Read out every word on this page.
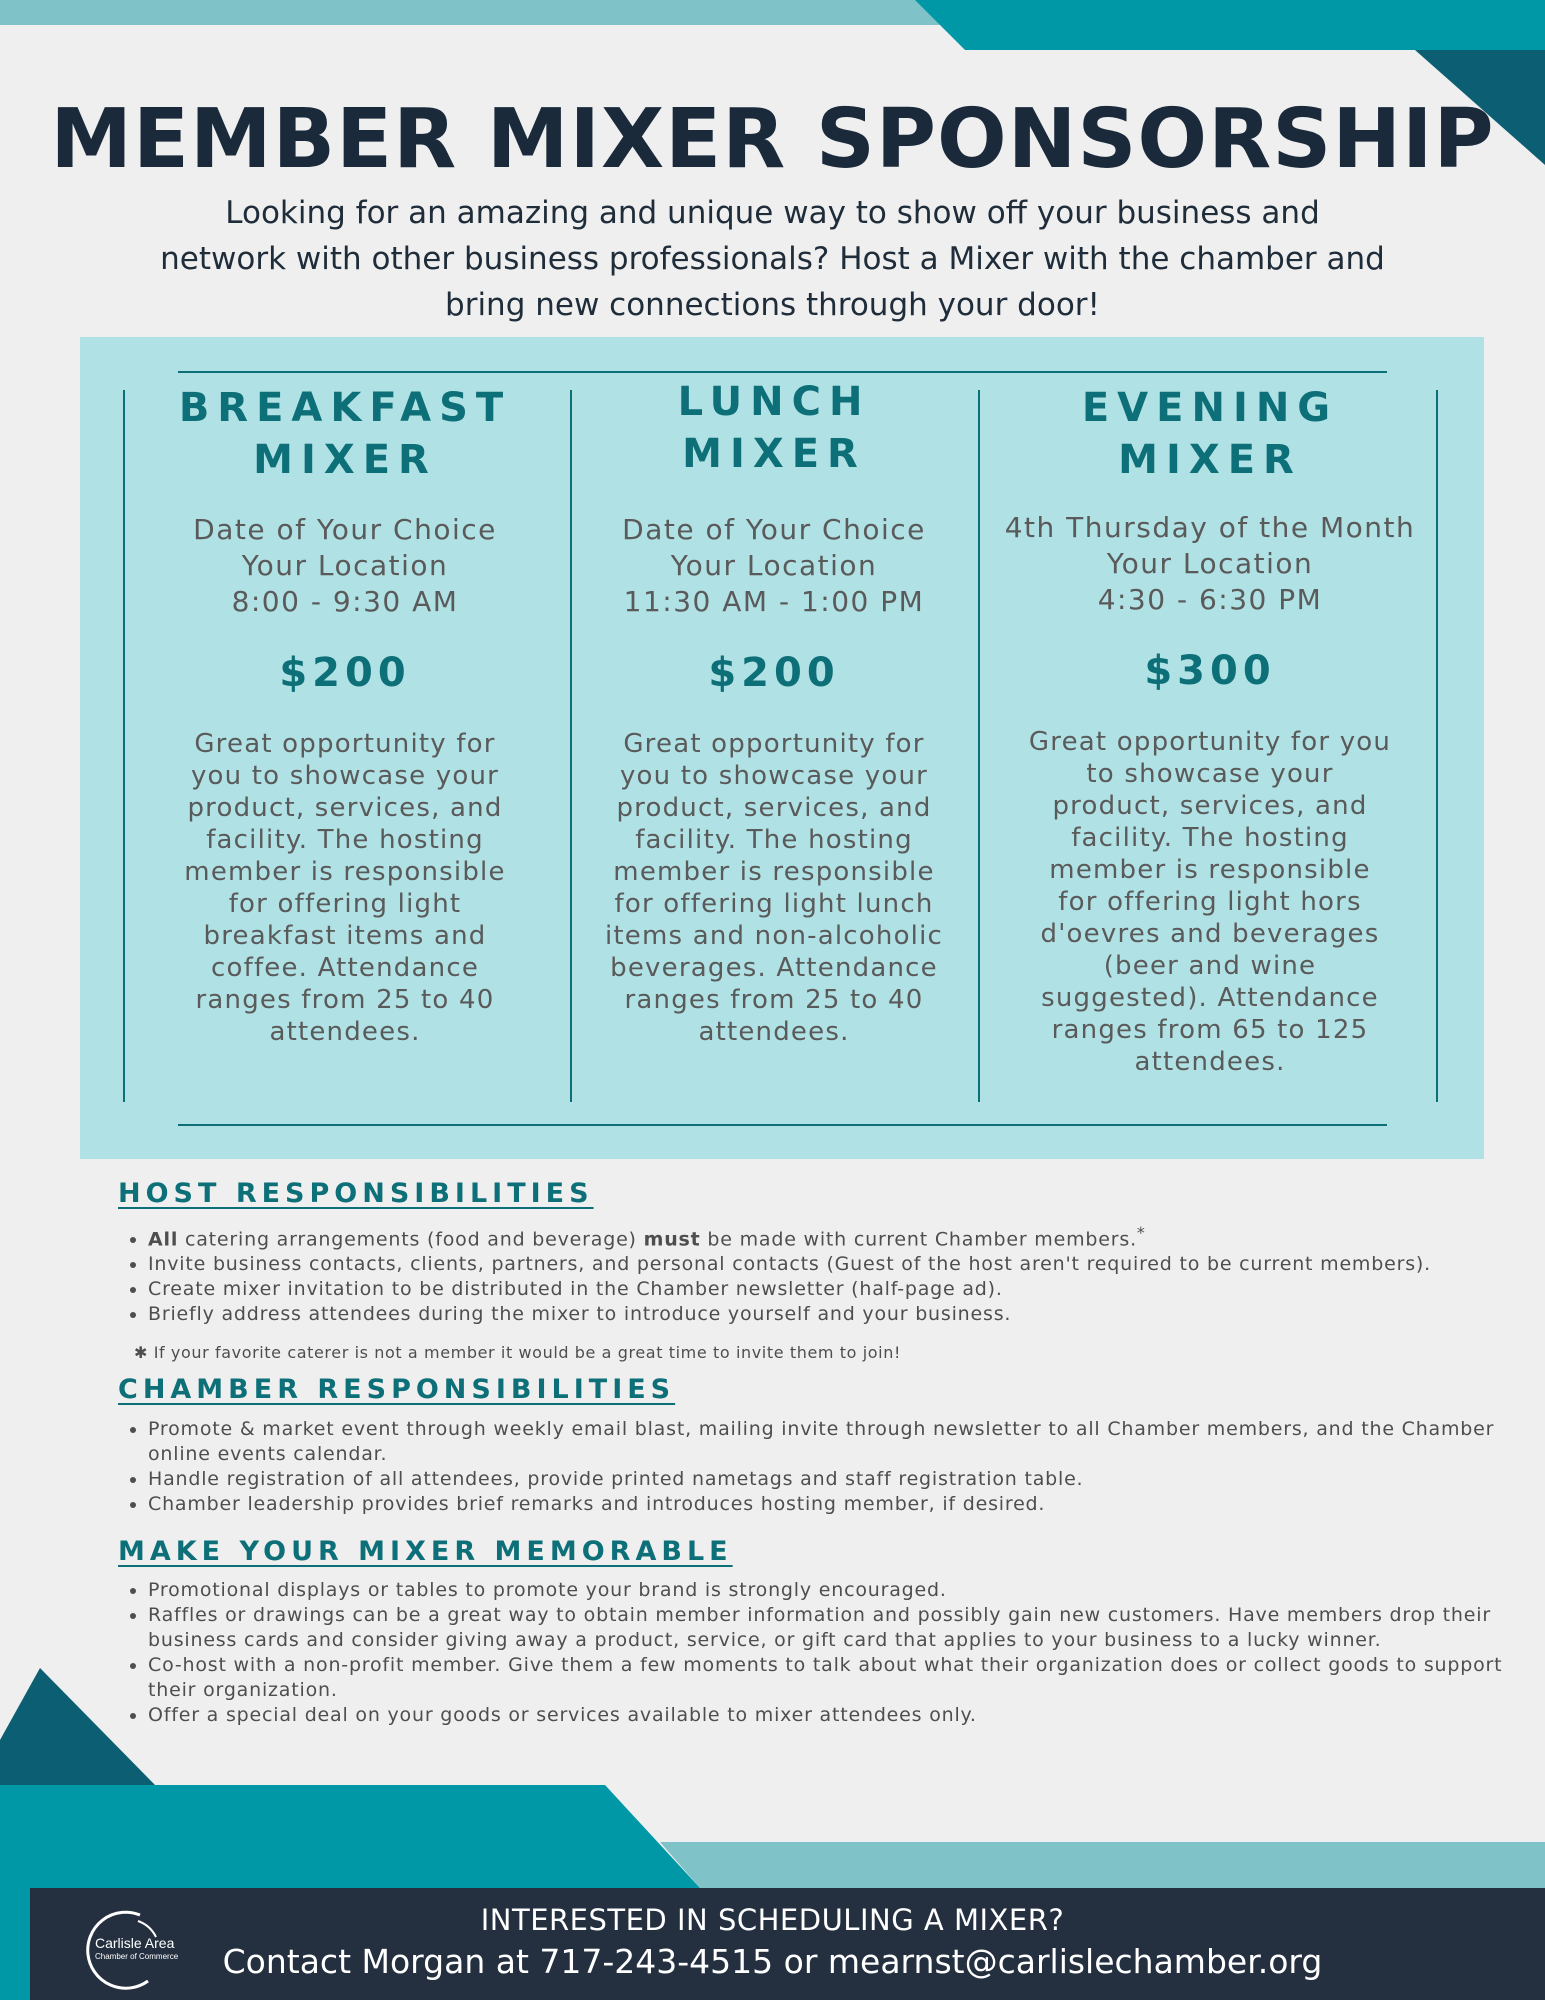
MEMBER MIXER SPONSORSHIP
Looking for an amazing and unique way to show off your business and network with other business professionals? Host a Mixer with the chamber and bring new connections through your door!
BREAKFAST
MIXER
Date of Your Choice
Your Location
8:00 - 9:30 AM
$200
Great opportunity for you to showcase your product, services, and facility. The hosting member is responsible for offering light breakfast items and coffee. Attendance ranges from 25 to 40 attendees.
LUNCH
MIXER
Date of Your Choice
Your Location
11:30 AM - 1:00 PM
$200
Great opportunity for you to showcase your product, services, and facility. The hosting member is responsible for offering light lunch items and non-alcoholic beverages. Attendance ranges from 25 to 40 attendees.
EVENING
MIXER
4th Thursday of the Month
Your Location
4:30 - 6:30 PM
$300
Great opportunity for you to showcase your product, services, and facility. The hosting member is responsible for offering light hors d'oevres and beverages (beer and wine suggested). Attendance ranges from 65 to 125 attendees.
HOST RESPONSIBILITIES
• All catering arrangements (food and beverage) must be made with current Chamber members.*
• Invite business contacts, clients, partners, and personal contacts (Guest of the host aren't required to be current members).
• Create mixer invitation to be distributed in the Chamber newsletter (half-page ad).
• Briefly address attendees during the mixer to introduce yourself and your business.
✱ If your favorite caterer is not a member it would be a great time to invite them to join!
CHAMBER RESPONSIBILITIES
• Promote & market event through weekly email blast, mailing invite through newsletter to all Chamber members, and the Chamber online events calendar.
• Handle registration of all attendees, provide printed nametags and staff registration table.
• Chamber leadership provides brief remarks and introduces hosting member, if desired.
MAKE YOUR MIXER MEMORABLE
• Promotional displays or tables to promote your brand is strongly encouraged.
• Raffles or drawings can be a great way to obtain member information and possibly gain new customers. Have members drop their business cards and consider giving away a product, service, or gift card that applies to your business to a lucky winner.
• Co-host with a non-profit member. Give them a few moments to talk about what their organization does or collect goods to support their organization.
• Offer a special deal on your goods or services available to mixer attendees only.
Carlisle Area
Chamber of Commerce
INTERESTED IN SCHEDULING A MIXER?
Contact Morgan at 717-243-4515 or mearnst@carlislechamber.org
